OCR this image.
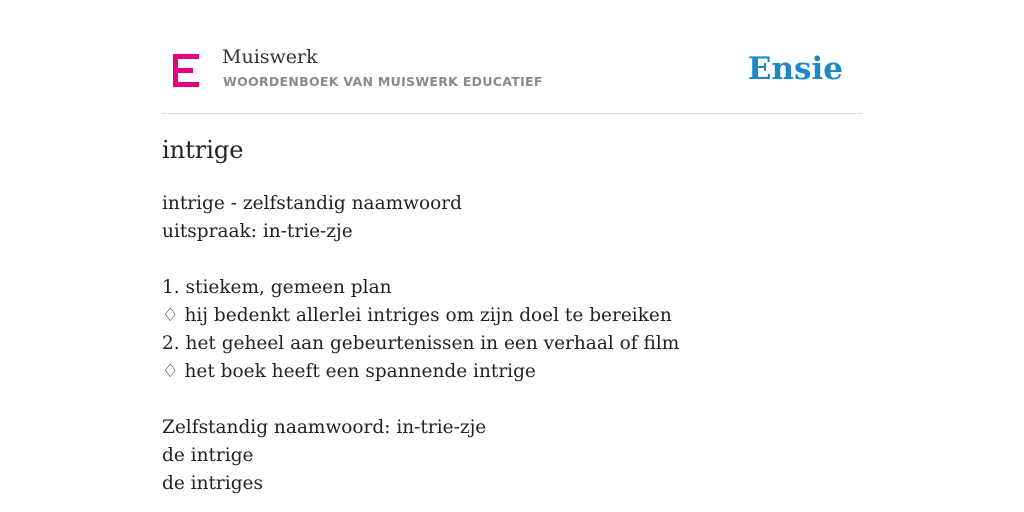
Muiswerk
WOORDENBOEK VAN MUISWERK EDUCATIEF	Ensie
intrige
intrige - zelfstandig naamwoord
uitspraak: in-trie-zje
1. stiekem, gemeen plan
♢ hij bedenkt allerlei intriges om zijn doel te bereiken
2. het geheel aan gebeurtenissen in een verhaal of film
♢ het boek heeft een spannende intrige
Zelfstandig naamwoord: in-trie-zje
de intrige
de intriges
